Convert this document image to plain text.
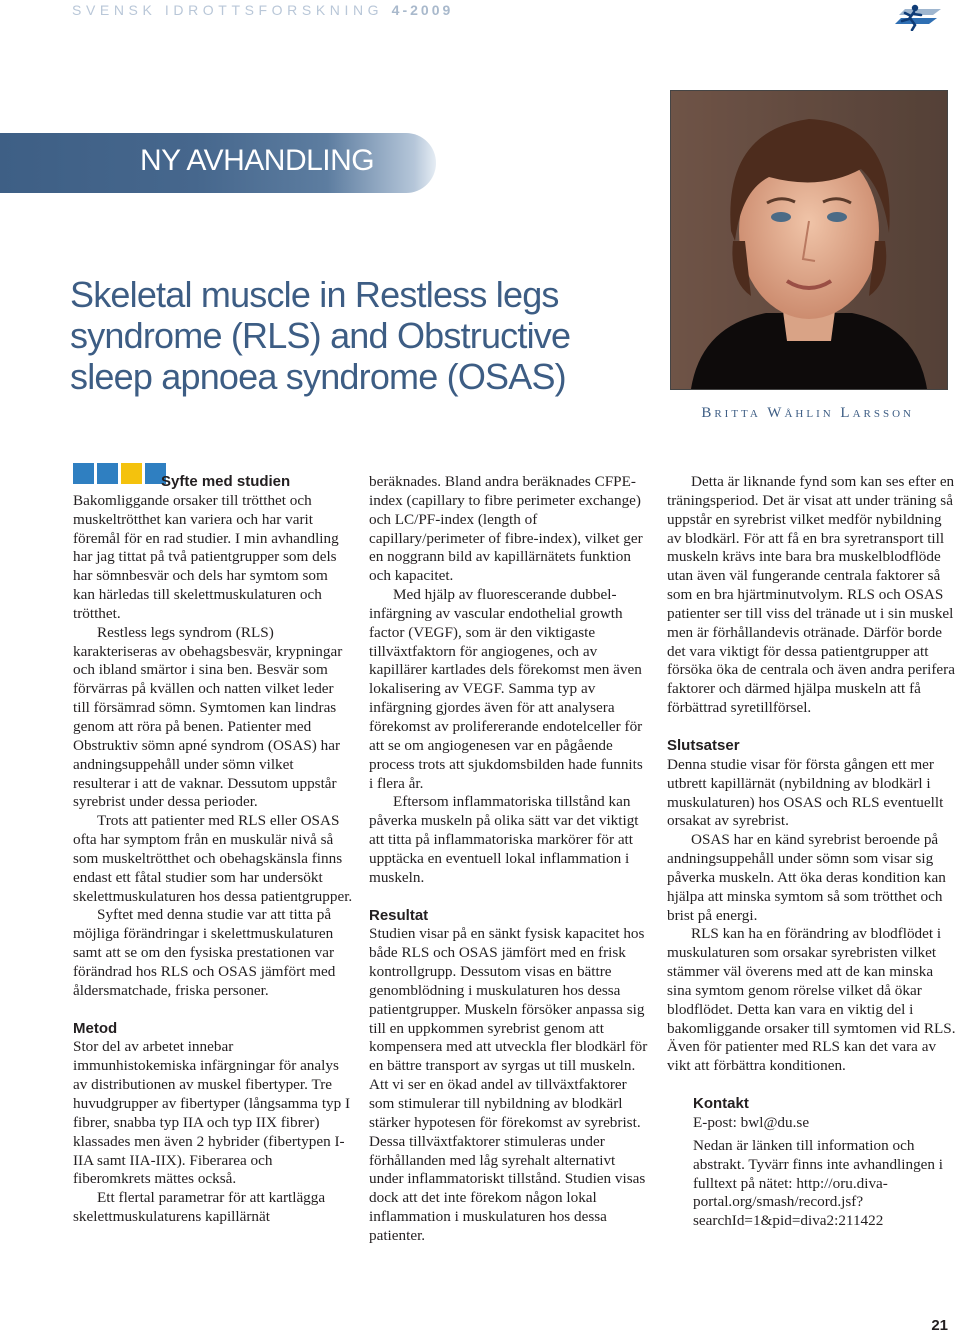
SVENSK IDROTTSFORSKNING 4-2009
NY AVHANDLING
Skeletal muscle in Restless legs
syndrome (RLS) and Obstructive
sleep apnoea syndrome (OSAS)
Britta Wåhlin Larsson
Syfte med studien

Bakomliggande orsaker till trötthet och muskeltrötthet kan variera och har varit föremål för en rad studier. I min avhandling har jag tittat på två patientgrupper som dels har sömnbesvär och dels har symtom som kan härledas till skelettmuskulaturen och trötthet.

Restless legs syndrom (RLS) karakteriseras av obehagsbesvär, krypningar och ibland smärtor i sina ben. Besvär som förvärras på kvällen och natten vilket leder till försämrad sömn. Symtomen kan lindras genom att röra på benen. Patienter med Obstruktiv sömn apné syndrom (OSAS) har andningsuppehåll under sömn vilket resulterar i att de vaknar. Dessutom uppstår syrebrist under dessa perioder.

Trots att patienter med RLS eller OSAS ofta har symptom från en muskulär nivå så som muskeltrötthet och obehagskänsla finns endast ett fåtal studier som har undersökt skelettmuskulaturen hos dessa patientgrupper.

Syftet med denna studie var att titta på möjliga förändringar i skelettmuskulaturen samt att se om den fysiska prestationen var förändrad hos RLS och OSAS jämfört med åldersmatchade, friska personer.

Metod

Stor del av arbetet innebar immunhistokemiska infärgningar för analys av distributionen av muskel fibertyper. Tre huvudgrupper av fibertyper (långsamma typ I fibrer, snabba typ IIA och typ IIX fibrer) klassades men även 2 hybrider (fibertypen I-IIA samt IIA-IIX). Fiberarea och fiberomkrets mättes också.

Ett flertal parametrar för att kartlägga skelettmuskulaturens kapillärnät

beräknades. Bland andra beräknades CFPE-index (capillary to fibre perimeter exchange) och LC/PF-index (length of capillary/perimeter of fibre-index), vilket ger en noggrann bild av kapillärnätets funktion och kapacitet.

Med hjälp av fluorescerande dubbel-infärgning av vascular endothelial growth factor (VEGF), som är den viktigaste tillväxtfaktorn för angiogenes, och av kapillärer kartlades dels förekomst men även lokalisering av VEGF. Samma typ av infärgning gjordes även för att analysera förekomst av prolifererande endotelceller för att se om angiogenesen var en pågående process trots att sjukdomsbilden hade funnits i flera år.

Eftersom inflammatoriska tillstånd kan påverka muskeln på olika sätt var det viktigt att titta på inflammatoriska markörer för att upptäcka en eventuell lokal inflammation i muskeln.

Resultat

Studien visar på en sänkt fysisk kapacitet hos både RLS och OSAS jämfört med en frisk kontrollgrupp. Dessutom visas en bättre genomblödning i muskulaturen hos dessa patientgrupper. Muskeln försöker anpassa sig till en uppkommen syrebrist genom att kompensera med att utveckla fler blodkärl för en bättre transport av syrgas ut till muskeln. Att vi ser en ökad andel av tillväxtfaktorer som stimulerar till nybildning av blodkärl stärker hypotesen för förekomst av syrebrist. Dessa tillväxtfaktorer stimuleras under förhållanden med låg syrehalt alternativt under inflammatoriskt tillstånd. Studien visas dock att det inte förekom någon lokal inflammation i muskulaturen hos dessa patienter.

Detta är liknande fynd som kan ses efter en träningsperiod. Det är visat att under träning så uppstår en syrebrist vilket medför nybildning av blodkärl. För att få en bra syretransport till muskeln krävs inte bara bra muskelblodflöde utan även väl fungerande centrala faktorer så som en bra hjärtminutvolym. RLS och OSAS patienter ser till viss del tränade ut i sin muskel men är förhållandevis otränade. Därför borde det vara viktigt för dessa patientgrupper att försöka öka de centrala och även andra perifera faktorer och därmed hjälpa muskeln att få förbättrad syretillförsel.

Slutsatser

Denna studie visar för första gången ett mer utbrett kapillärnät (nybildning av blodkärl i muskulaturen) hos OSAS och RLS eventuellt orsakat av syrebrist.

OSAS har en känd syrebrist beroende på andningsuppehåll under sömn som visar sig påverka muskeln. Att öka deras kondition kan hjälpa att minska symtom så som trötthet och brist på energi.

RLS kan ha en förändring av blodflödet i muskulaturen som orsakar syrebristen vilket stämmer väl överens med att de kan minska sina symtom genom rörelse vilket då ökar blodflödet. Detta kan vara en viktig del i bakomliggande orsaker till symtomen vid RLS. Även för patienter med RLS kan det vara av vikt att förbättra konditionen.

Kontakt

E-post: bwl@du.se

Nedan är länken till information och abstrakt. Tyvärr finns inte avhandlingen i fulltext på nätet: http://oru.diva-portal.org/smash/record.jsf?searchId=1&pid=diva2:211422

21
